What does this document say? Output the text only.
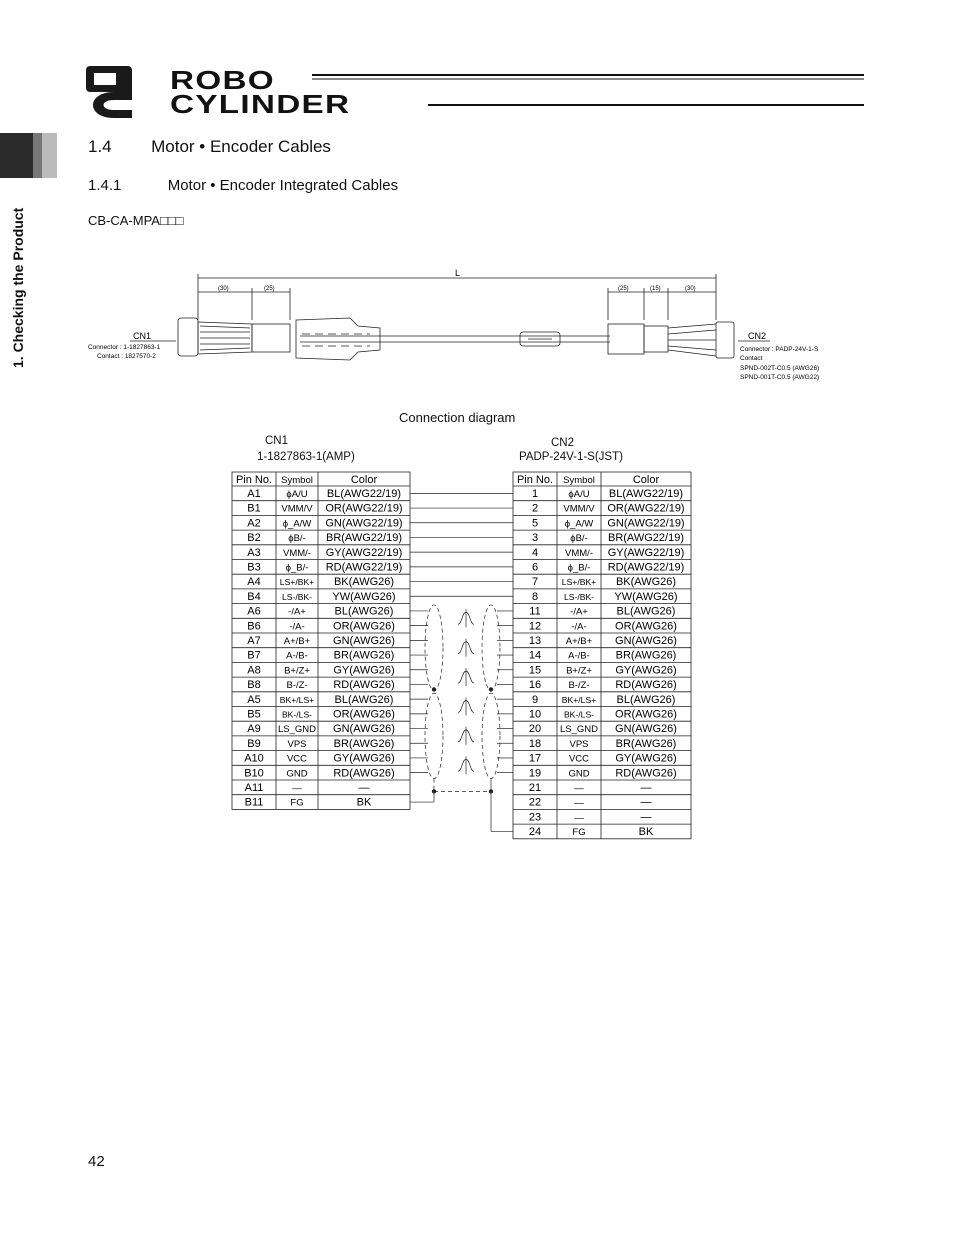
1. Checking the Product
ROBO
CYLINDER
1.4 Motor • Encoder Cables
1.4.1	Motor • Encoder Integrated Cables
CB-CA-MPA□□□
L
(30)	(25)	(25)	(15)	(30)
CN1
Connector : 1-1827863-1
Contact : 1827570-2
CN2
Connector : PADP-24V-1-S
Contact
SPND-002T-C0.5 (AWG26)
SPND-001T-C0.5 (AWG22)
Connection diagram
CN1
1-1827863-1(AMP)
CN2
PADP-24V-1-S(JST)
Pin No. Symbol	Color
A1	ϕA/U BL(AWG22/19)
B1 VMM/V OR(AWG22/19)
A2 ϕ_A/W GN(AWG22/19)
B2	ϕB/- BR(AWG22/19)
A3 VMM/- GY(AWG22/19)
B3	ϕ_B/- RD(AWG22/19)
A4 LS+/BK+ BK(AWG26)
B4 LS-/BK- YW(AWG26)
A6	-/A+	BL(AWG26)
B6	-/A-	OR(AWG26)
A7 A+/B+ GN(AWG26)
B7	A-/B- BR(AWG26)
A8 B+/Z+ GY(AWG26)
B8	B-/Z- RD(AWG26)
A5 BK+/LS+ BL(AWG26)
B5 BK-/LS- OR(AWG26)
A9 LS_GND GN(AWG26)
B9	VPS BR(AWG26)
A10 VCC GY(AWG26)
B10 GND RD(AWG26)
A11	—	—
B11	FG	BK
Pin No. Symbol	Color
1	ϕA/U BL(AWG22/19)
2	VMM/V OR(AWG22/19)
5	ϕ_A/W GN(AWG22/19)
3	ϕB/- BR(AWG22/19)
4	VMM/- GY(AWG22/19)
6	ϕ_B/- RD(AWG22/19)
7	LS+/BK+ BK(AWG26)
8	LS-/BK- YW(AWG26)
11	-/A+	BL(AWG26)
12	-/A-	OR(AWG26)
13	A+/B+ GN(AWG26)
14	A-/B- BR(AWG26)
15	B+/Z+ GY(AWG26)
16	B-/Z- RD(AWG26)
9	BK+/LS+ BL(AWG26)
10	BK-/LS- OR(AWG26)
20 LS_GND GN(AWG26)
18	VPS BR(AWG26)
17	VCC GY(AWG26)
19	GND RD(AWG26)
21	—	—
22	—	—
23	—	—
24	FG	BK
42
